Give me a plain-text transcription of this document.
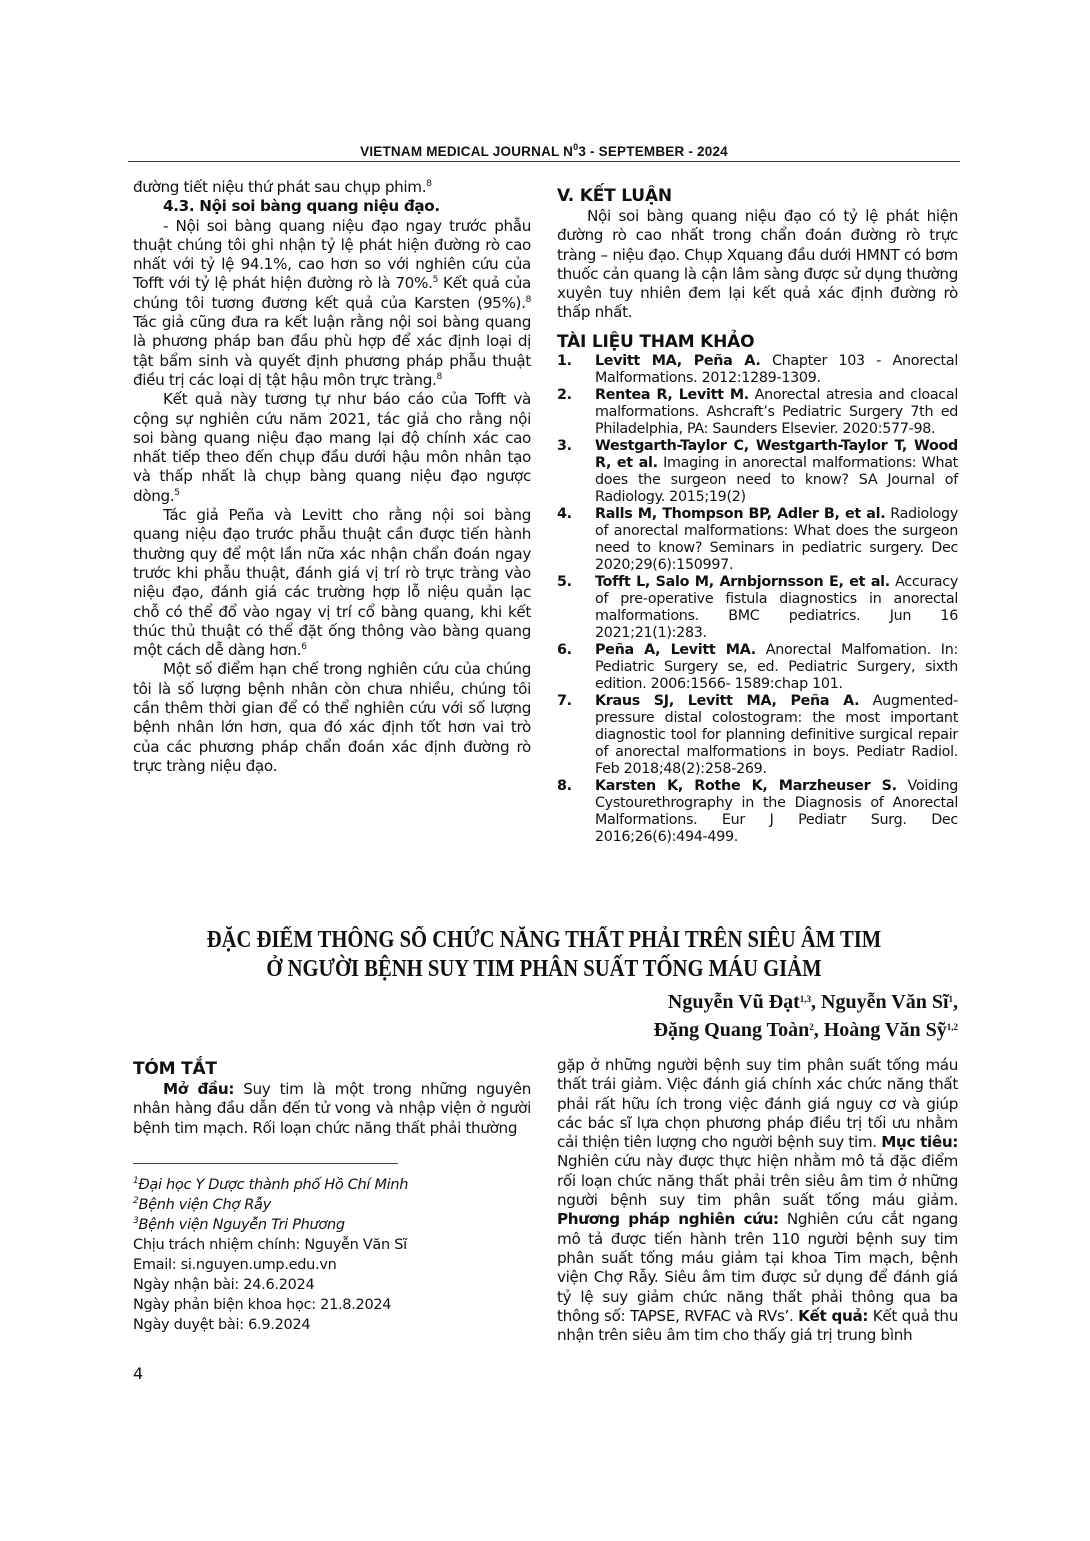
VIETNAM MEDICAL JOURNAL $N^03$ - SEPTEMBER - 2024

đường tiết niệu thứ phát sau chụp phim.$^8$

4.3. Nội soi bàng quang niệu đạo.

- Nội soi bàng quang niệu đạo ngay trước phẫu thuật chúng tôi ghi nhận tỷ lệ phát hiện đường rò cao nhất với tỷ lệ 94.1%, cao hơn so với nghiên cứu của Tofft với tỷ lệ phát hiện đường rò là 70%.$^5$ Kết quả của chúng tôi tương đương kết quả của Karsten (95%).$^8$ Tác giả cũng đưa ra kết luận rằng nội soi bàng quang là phương pháp ban đầu phù hợp để xác định loại dị tật bẩm sinh và quyết định phương pháp phẫu thuật điều trị các loại dị tật hậu môn trực tràng.$^8$

Kết quả này tương tự như báo cáo của Tofft và cộng sự nghiên cứu năm 2021, tác giả cho rằng nội soi bàng quang niệu đạo mang lại độ chính xác cao nhất tiếp theo đến chụp đầu dưới hậu môn nhân tạo và thấp nhất là chụp bàng quang niệu đạo ngược dòng.$^5$

Tác giả Peña và Levitt cho rằng nội soi bàng quang niệu đạo trước phẫu thuật cần được tiến hành thường quy để một lần nữa xác nhận chẩn đoán ngay trước khi phẫu thuật, đánh giá vị trí rò trực tràng vào niệu đạo, đánh giá các trường hợp lỗ niệu quản lạc chỗ có thể đổ vào ngay vị trí cổ bàng quang, khi kết thúc thủ thuật có thể đặt ống thông vào bàng quang một cách dễ dàng hơn.$^6$

Một số điểm hạn chế trong nghiên cứu của chúng tôi là số lượng bệnh nhân còn chưa nhiều, chúng tôi cần thêm thời gian để có thể nghiên cứu với số lượng bệnh nhân lớn hơn, qua đó xác định tốt hơn vai trò của các phương pháp chẩn đoán xác định đường rò trực tràng niệu đạo.

V. KẾT LUẬN

Nội soi bàng quang niệu đạo có tỷ lệ phát hiện đường rò cao nhất trong chẩn đoán đường rò trực tràng – niệu đạo. Chụp Xquang đầu dưới HMNT có bơm thuốc cản quang là cận lâm sàng được sử dụng thường xuyên tuy nhiên đem lại kết quả xác định đường rò thấp nhất.

TÀI LIỆU THAM KHẢO

1.	Levitt MA, Peña A. Chapter 103 - Anorectal Malformations. 2012:1289-1309.
2.	Rentea R, Levitt M. Anorectal atresia and cloacal malformations. Ashcraft’s Pediatric Surgery 7th ed Philadelphia, PA: Saunders Elsevier. 2020:577-98.
3.	Westgarth-Taylor C, Westgarth-Taylor T, Wood R, et al. Imaging in anorectal malformations: What does the surgeon need to know? SA Journal of Radiology. 2015;19(2)
4.	Ralls M, Thompson BP, Adler B, et al. Radiology of anorectal malformations: What does the surgeon need to know? Seminars in pediatric surgery. Dec 2020;29(6):150997.
5.	Tofft L, Salo M, Arnbjornsson E, et al. Accuracy of pre-operative fistula diagnostics in anorectal malformations. BMC pediatrics. Jun 16 2021;21(1):283.
6.	Peña A, Levitt MA. Anorectal Malfomation. In: Pediatric Surgery se, ed. Pediatric Surgery, sixth edition. 2006:1566- 1589:chap 101.
7.	Kraus SJ, Levitt MA, Peña A. Augmented-pressure distal colostogram: the most important diagnostic tool for planning definitive surgical repair of anorectal malformations in boys. Pediatr Radiol. Feb 2018;48(2):258-269.
8.	Karsten K, Rothe K, Marzheuser S. Voiding Cystourethrography in the Diagnosis of Anorectal Malformations. Eur J Pediatr Surg. Dec 2016;26(6):494-499.
ĐẶC ĐIỂM THÔNG SỐ CHỨC NĂNG THẤT PHẢI TRÊN SIÊU ÂM TIM
Ở NGƯỜI BỆNH SUY TIM PHÂN SUẤT TỐNG MÁU GIẢM
Nguyễn Vũ Đạt$^{1,3}$, Nguyễn Văn $Sĩ^1$,
Đặng Quang Toàn$^2$, Hoàng Văn Sỹ$^{1,2}$

TÓM TẮT

Mở đầu: Suy tim là một trong những nguyên nhân hàng đầu dẫn đến tử vong và nhập viện ở người bệnh tim mạch. Rối loạn chức năng thất phải thường

gặp ở những người bệnh suy tim phân suất tống máu thất trái giảm. Việc đánh giá chính xác chức năng thất phải rất hữu ích trong việc đánh giá nguy cơ và giúp các bác sĩ lựa chọn phương pháp điều trị tối ưu nhằm cải thiện tiên lượng cho người bệnh suy tim. Mục tiêu: Nghiên cứu này được thực hiện nhằm mô tả đặc điểm rối loạn chức năng thất phải trên siêu âm tim ở những người bệnh suy tim phân suất tống máu giảm. Phương pháp nghiên cứu: Nghiên cứu cắt ngang mô tả được tiến hành trên 110 người bệnh suy tim phân suất tống máu giảm tại khoa Tim mạch, bệnh viện Chợ Rẫy. Siêu âm tim được sử dụng để đánh giá tỷ lệ suy giảm chức năng thất phải thông qua ba thông số: TAPSE, RVFAC và RVs’. Kết quả: Kết quả thu nhận trên siêu âm tim cho thấy giá trị trung bình

$^1$Đại học Y Dược thành phố Hồ Chí Minh
$^2$Bệnh viện Chợ Rẫy
$^3$Bệnh viện Nguyễn Tri Phương
Chịu trách nhiệm chính: Nguyễn Văn Sĩ
Email: si.nguyen.ump.edu.vn
Ngày nhận bài: 24.6.2024
Ngày phản biện khoa học: 21.8.2024
Ngày duyệt bài: 6.9.2024
4
